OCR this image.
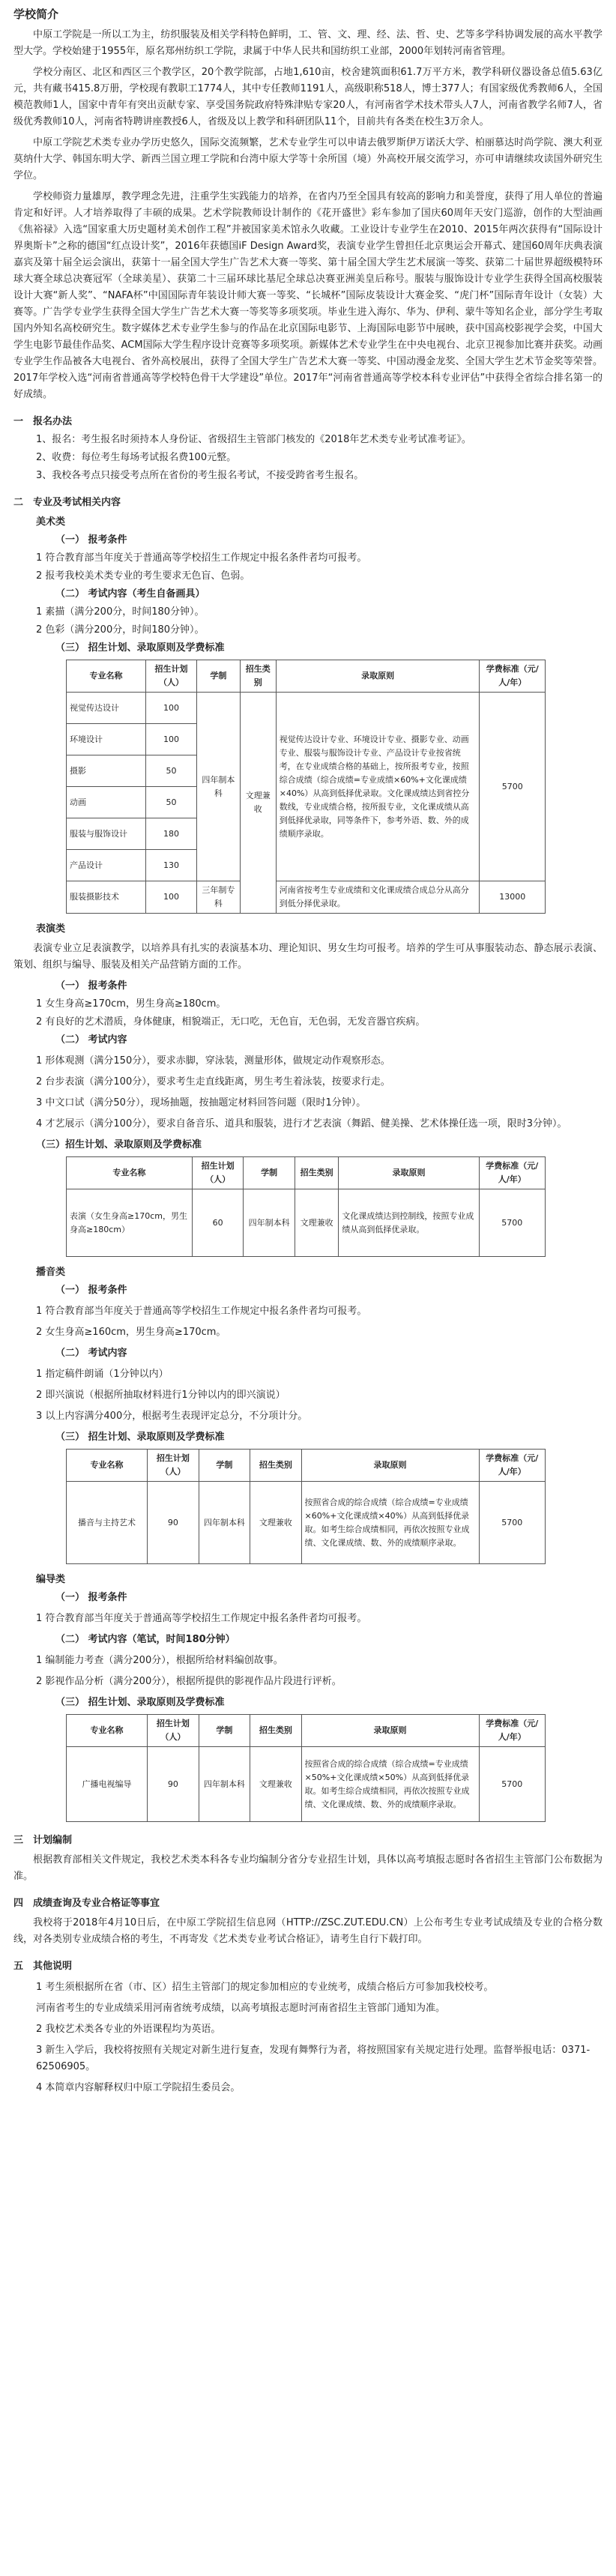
学校简介

中原工学院是一所以工为主，纺织服装及相关学科特色鲜明，工、管、文、理、经、法、哲、史、艺等多学科协调发展的高水平教学型大学。学校始建于1955年，原名郑州纺织工学院，隶属于中华人民共和国纺织工业部，2000年划转河南省管理。

学校分南区、北区和西区三个教学区，20个教学院部，占地1,610亩，校舍建筑面积61.7万平方米，教学科研仪器设备总值5.63亿元，共有藏书415.8万册，学校现有教职工1774人，其中专任教师1191人，高级职称518人，博士377人；有国家级优秀教师6人，全国模范教师1人，国家中青年有突出贡献专家、享受国务院政府特殊津贴专家20人，有河南省学术技术带头人7人，河南省教学名师7人，省级优秀教师10人，河南省特聘讲座教授6人，省级及以上教学和科研团队11个，目前共有各类在校生3万余人。

中原工学院艺术类专业办学历史悠久，国际交流频繁，艺术专业学生可以申请去俄罗斯伊万诺沃大学、柏丽慕达时尚学院、澳大利亚莫纳什大学、韩国东明大学、新西兰国立理工学院和台湾中原大学等十余所国（境）外高校开展交流学习，亦可申请继续攻读国外研究生学位。

学校师资力量雄厚，教学理念先进，注重学生实践能力的培养，在省内乃至全国具有较高的影响力和美誉度，获得了用人单位的普遍肯定和好评。人才培养取得了丰硕的成果。艺术学院教师设计制作的《花开盛世》彩车参加了国庆60周年天安门巡游，创作的大型油画《焦裕禄》入选“国家重大历史题材美术创作工程”并被国家美术馆永久收藏。工业设计专业学生在2010、2015年两次获得有“国际设计界奥斯卡”之称的德国“红点设计奖”，2016年获德国iF Design Award奖，表演专业学生曾担任北京奥运会开幕式、建国60周年庆典表演嘉宾及第十届全运会演出，获第十一届全国大学生广告艺术大赛一等奖、第十届全国大学生艺术展演一等奖、获第二十届世界超级模特环球大赛全球总决赛冠军（全球美星）、获第二十三届环球比基尼全球总决赛亚洲美皇后称号。服装与服饰设计专业学生获得全国高校服装设计大赛“新人奖”、“NAFA杯”中国国际青年装设计师大赛一等奖、“长城杯”国际皮装设计大赛金奖、“虎门杯”国际青年设计（女装）大赛等。广告学专业学生获得全国大学生广告艺术大赛一等奖等多项奖项。毕业生进入海尔、华为、伊利、蒙牛等知名企业，部分学生考取国内外知名高校研究生。数字媒体艺术专业学生参与的作品在北京国际电影节、上海国际电影节中展映，获中国高校影视学会奖，中国大学生电影节最佳作品奖、ACM国际大学生程序设计竞赛等多项奖项。新媒体艺术专业学生在中央电视台、北京卫视参加比赛并获奖。动画专业学生作品被各大电视台、省外高校展出，获得了全国大学生广告艺术大赛一等奖、中国动漫金龙奖、全国大学生艺术节金奖等荣誉。2017年学校入选“河南省普通高等学校特色骨干大学建设”单位。2017年“河南省普通高等学校本科专业评估”中获得全省综合排名第一的好成绩。

一 报名办法
1、报名：考生报名时须持本人身份证、省级招生主管部门核发的《2018年艺术类专业考试准考证》。
2、收费：每位考生每场考试报名费100元整。
3、我校各考点只接受考点所在省份的考生报名考试，不接受跨省考生报名。
二 专业及考试相关内容
美术类
（一） 报考条件
1 符合教育部当年度关于普通高等学校招生工作规定中报名条件者均可报考。
2 报考我校美术类专业的考生要求无色盲、色弱。
（二） 考试内容（考生自备画具）
1 素描（满分200分，时间180分钟）。
2 色彩（满分200分，时间180分钟）。
（三） 招生计划、录取原则及学费标准
专业名称	招生计划（人）	学制	招生类别	录取原则	学费标准（元/人/年）
视觉传达设计	100	四年制本科	文理兼收	视觉传达设计专业、环境设计专业、摄影专业、动画专业、服装与服饰设计专业、产品设计专业按省统考，在专业成绩合格的基础上，按所报考专业，按照综合成绩（综合成绩=专业成绩×60%+文化课成绩×40%）从高到低择优录取。文化课成绩达到省控分数线，专业成绩合格，按所报专业，文化课成绩从高到低择优录取，同等条件下，参考外语、数、外的成绩顺序录取。	5700
环境设计	100				
摄影	50				
动画	50				
服装与服饰设计	180				
产品设计	130				
服装摄影技术	100	三年制专科		河南省按考生专业成绩和文化课成绩合成总分从高分到低分择优录取。	13000
表演类

表演专业立足表演教学，以培养具有扎实的表演基本功、理论知识、男女生均可报考。培养的学生可从事服装动态、静态展示表演、策划、组织与编导、服装及相关产品营销方面的工作。

（一） 报考条件
1 女生身高≥170cm，男生身高≥180cm。
2 有良好的艺术潜质，身体健康，相貌端正，无口吃，无色盲，无色弱，无发音器官疾病。
（二） 考试内容
1 形体观测（满分150分），要求赤脚，穿泳装，测量形体，做规定动作观察形态。
2 台步表演（满分100分），要求考生走直线距离，男生考生着泳装，按要求行走。
3 中文口试（满分50分），现场抽题，按抽题定材料回答问题（限时1分钟）。
4 才艺展示（满分100分），要求自备音乐、道具和服装，进行才艺表演（舞蹈、健美操、艺术体操任选一项，限时3分钟）。
（三）招生计划、录取原则及学费标准
专业名称	招生计划（人）	学制	招生类别	录取原则	学费标准（元/人/年）
表演（女生身高≥170cm，男生身高≥180cm）	60	四年制本科	文理兼收	文化课成绩达到控制线，按照专业成绩从高到低择优录取。	5700
播音类
（一） 报考条件
1 符合教育部当年度关于普通高等学校招生工作规定中报名条件者均可报考。
2 女生身高≥160cm，男生身高≥170cm。
（二） 考试内容
1 指定稿件朗诵（1分钟以内）
2 即兴演说（根据所抽取材料进行1分钟以内的即兴演说）
3 以上内容满分400分，根据考生表现评定总分，不分项计分。
（三） 招生计划、录取原则及学费标准
专业名称	招生计划（人）	学制	招生类别	录取原则	学费标准（元/人/年）
播音与主持艺术	90	四年制本科	文理兼收	按照省合成的综合成绩（综合成绩=专业成绩×60%+文化课成绩×40%）从高到低择优录取。如考生综合成绩相同，再依次按照专业成绩、文化课成绩、数、外的成绩顺序录取。	5700
编导类
（一） 报考条件
1 符合教育部当年度关于普通高等学校招生工作规定中报名条件者均可报考。
（二） 考试内容（笔试，时间180分钟）
1 编制能力考查（满分200分），根据所给材料编创故事。
2 影视作品分析（满分200分），根据所提供的影视作品片段进行评析。
（三） 招生计划、录取原则及学费标准
专业名称	招生计划（人）	学制	招生类别	录取原则	学费标准（元/人/年）
广播电视编导	90	四年制本科	文理兼收	按照省合成的综合成绩（综合成绩=专业成绩×50%+文化课成绩×50%）从高到低择优录取。如考生综合成绩相同，再依次按照专业成绩、文化课成绩、数、外的成绩顺序录取。	5700
三 计划编制

根据教育部相关文件规定，我校艺术类本科各专业均编制分省分专业招生计划，具体以高考填报志愿时各省招生主管部门公布数据为准。

四 成绩查询及专业合格证等事宜

我校将于2018年4月10日后，在中原工学院招生信息网（HTTP://ZSC.ZUT.EDU.CN）上公布考生专业考试成绩及专业的合格分数线，对各类别专业成绩合格的考生，不再寄发《艺术类专业考试合格证》，请考生自行下载打印。

五 其他说明
1 考生须根据所在省（市、区）招生主管部门的规定参加相应的专业统考，成绩合格后方可参加我校校考。
河南省考生的专业成绩采用河南省统考成绩，以高考填报志愿时河南省招生主管部门通知为准。
2 我校艺术类各专业的外语课程均为英语。
3 新生入学后，我校将按照有关规定对新生进行复查，发现有舞弊行为者，将按照国家有关规定进行处理。监督举报电话：0371-62506905。
4 本简章内容解释权归中原工学院招生委员会。
